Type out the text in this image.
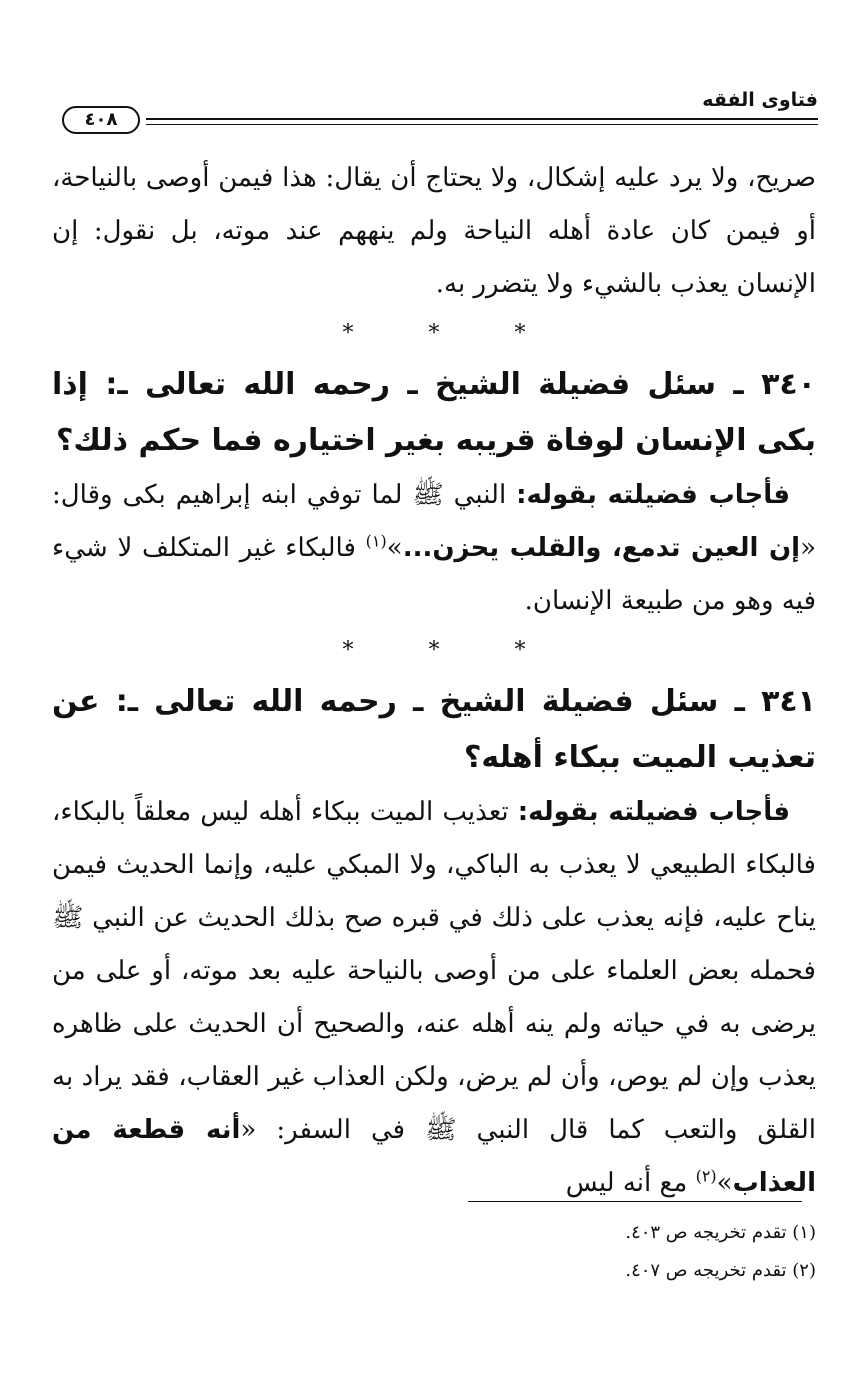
فتاوى الفقه
٤٠٨

صريح، ولا يرد عليه إشكال، ولا يحتاج أن يقال: هذا فيمن أوصى بالنياحة، أو فيمن كان عادة أهله النياحة ولم ينههم عند موته، بل نقول: إن الإنسان يعذب بالشيء ولا يتضرر به.

* * *

٣٤٠ ـ سئل فضيلة الشيخ ـ رحمه الله تعالى ـ: إذا بكى الإنسان لوفاة قريبه بغير اختياره فما حكم ذلك؟

فأجاب فضيلته بقوله: النبي ﷺ لما توفي ابنه إبراهيم بكى وقال: «إن العين تدمع، والقلب يحزن...»$^{(١)}$ فالبكاء غير المتكلف لا شيء فيه وهو من طبيعة الإنسان.

* * *

٣٤١ ـ سئل فضيلة الشيخ ـ رحمه الله تعالى ـ: عن تعذيب الميت ببكاء أهله؟

فأجاب فضيلته بقوله: تعذيب الميت ببكاء أهله ليس معلقاً بالبكاء، فالبكاء الطبيعي لا يعذب به الباكي، ولا المبكي عليه، وإنما الحديث فيمن يناح عليه، فإنه يعذب على ذلك في قبره صح بذلك الحديث عن النبي ﷺ فحمله بعض العلماء على من أوصى بالنياحة عليه بعد موته، أو على من يرضى به في حياته ولم ينه أهله عنه، والصحيح أن الحديث على ظاهره يعذب وإن لم يوص، وأن لم يرض، ولكن العذاب غير العقاب، فقد يراد به القلق والتعب كما قال النبي ﷺ في السفر: «أنه قطعة من العذاب»$^{(٢)}$ مع أنه ليس

(١) تقدم تخريجه ص ٤٠٣.

(٢) تقدم تخريجه ص ٤٠٧.
